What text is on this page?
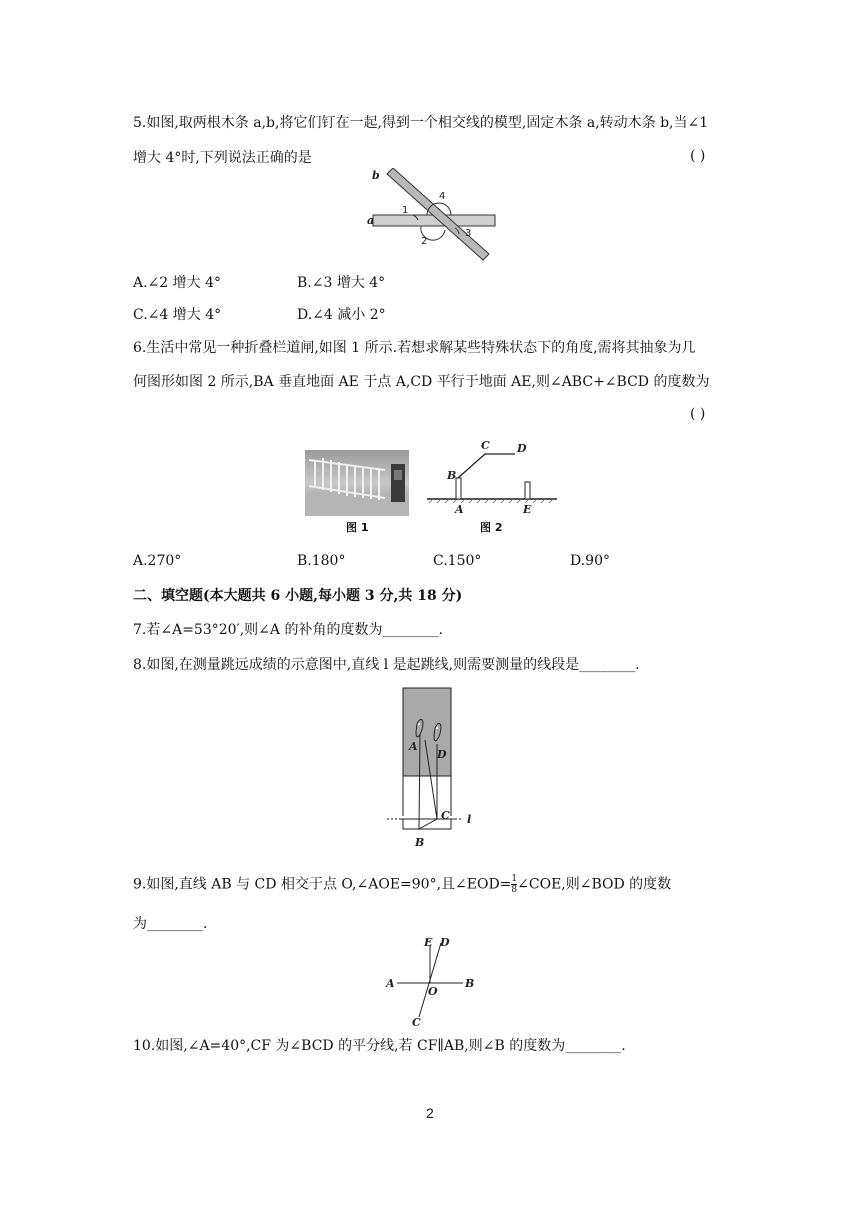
5.如图,取两根木条 a,b,将它们钉在一起,得到一个相交线的模型,固定木条 a,转动木条 b,当∠1
增大 4°时,下列说法正确的是	( )
a
b
1
2
3
4
A.∠2 增大 4°	B.∠3 增大 4°
C.∠4 增大 4°	D.∠4 减小 2°
6.生活中常见一种折叠栏道闸,如图 1 所示.若想求解某些特殊状态下的角度,需将其抽象为几
何图形如图 2 所示,BA 垂直地面 AE 于点 A,CD 平行于地面 AE,则∠ABC+∠BCD 的度数为
( )
图 1
B
C D
A	E
图 2
A.270°	B.180°	C.150°	D.90°
二、填空题(本大题共 6 小题,每小题 3 分,共 18 分)
7.若∠A=53°20′,则∠A 的补角的度数为________.
8.如图,在测量跳远成绩的示意图中,直线 l 是起跳线,则需要测量的线段是________.
A
D
C
B
l
9.如图,直线 AB 与 CD 相交于点 O,∠AOE=90°,且∠EOD= $\frac{1}{8}$ ∠COE,则∠BOD 的度数
为________.
E D
A	B
O
C
10.如图,∠A=40°,CF 为∠BCD 的平分线,若 CF∥AB,则∠B 的度数为________.
2
